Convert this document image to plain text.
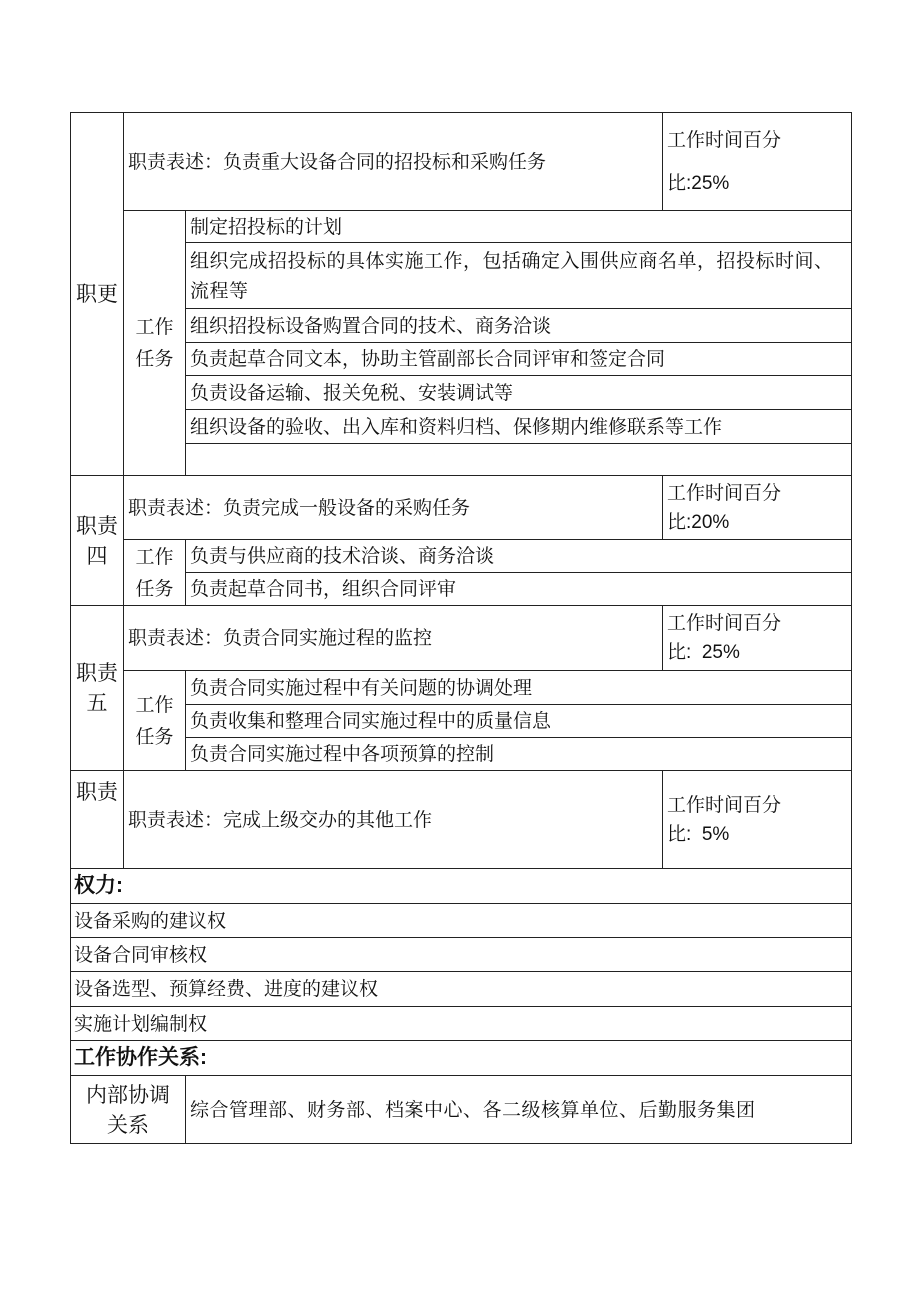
职更	职责表述：负责重大设备合同的招投标和采购任务		工作时间百分
比:25%

	工作
任务	制定招投标的计划	
		组织完成招投标的具体实施工作，包括确定入围供应商名单，招投标时间、流程等	
		组织招投标设备购置合同的技术、商务洽谈	
		负责起草合同文本，协助主管副部长合同评审和签定合同	
		负责设备运输、报关免税、安装调试等	
		组织设备的验收、出入库和资料归档、保修期内维修联系等工作	

职责
四	职责表述：负责完成一般设备的采购任务		工作时间百分
比:20%

	工作
任务	负责与供应商的技术洽谈、商务洽谈	
		负责起草合同书，组织合同评审	
职责
五	职责表述：负责合同实施过程的监控		工作时间百分
比:  25%

	工作
任务	负责合同实施过程中有关问题的协调处理	
		负责收集和整理合同实施过程中的质量信息	
		负责合同实施过程中各项预算的控制	
职责	职责表述：完成上级交办的其他工作		工作时间百分
比:  5%

权力:			
设备采购的建议权			
设备合同审核权			
设备选型、预算经费、进度的建议权			
实施计划编制权			
工作协作关系:			
内部协调
关系		综合管理部、财务部、档案中心、各二级核算单位、后勤服务集团	
